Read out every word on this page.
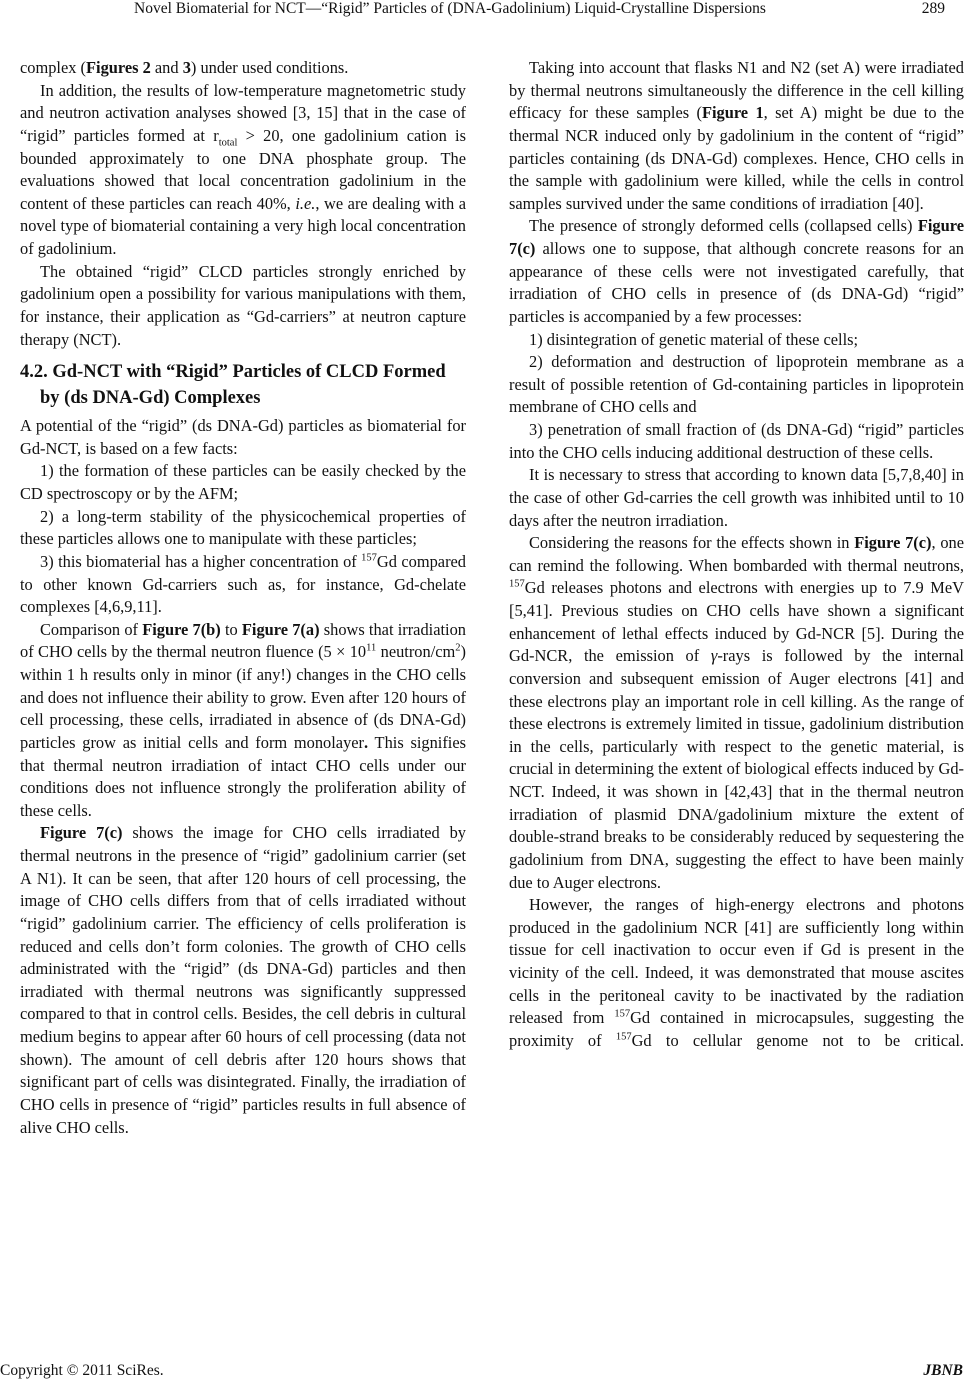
Novel Biomaterial for NCT—“Rigid” Particles of (DNA-Gadolinium) Liquid-Crystalline Dispersions	289

complex (Figures 2 and 3) under used conditions.

In addition, the results of low-temperature magnetometric study and neutron activation analyses showed [3, 15] that in the case of “rigid” particles formed at $r_{total} > 20$, one gadolinium cation is bounded approximately to one DNA phosphate group. The evaluations showed that local concentration gadolinium in the content of these particles can reach 40%, i.e., we are dealing with a novel type of biomaterial containing a very high local concentration of gadolinium.

The obtained “rigid” CLCD particles strongly enriched by gadolinium open a possibility for various manipulations with them, for instance, their application as “Gd-carriers” at neutron capture therapy (NCT).

4.2. Gd-NCT with “Rigid” Particles of CLCD Formed by (ds DNA-Gd) Complexes

A potential of the “rigid” (ds DNA-Gd) particles as biomaterial for Gd-NCT, is based on a few facts:

1) the formation of these particles can be easily checked by the CD spectroscopy or by the AFM;

2) a long-term stability of the physicochemical properties of these particles allows one to manipulate with these particles;

3) this biomaterial has a higher concentration of $^{157}$Gd compared to other known Gd-carriers such as, for instance, Gd-chelate complexes [4,6,9,11].

Comparison of Figure 7(b) to Figure 7(a) shows that irradiation of CHO cells by the thermal neutron fluence ($5 \times 10^{11}$ neutron/$cm^2$) within 1 h results only in minor (if any!) changes in the CHO cells and does not influence their ability to grow. Even after 120 hours of cell processing, these cells, irradiated in absence of (ds DNA-Gd) particles grow as initial cells and form monolayer. This signifies that thermal neutron irradiation of intact CHO cells under our conditions does not influence strongly the proliferation ability of these cells.

Figure 7(c) shows the image for CHO cells irradiated by thermal neutrons in the presence of “rigid” gadolinium carrier (set A N1). It can be seen, that after 120 hours of cell processing, the image of CHO cells differs from that of cells irradiated without “rigid” gadolinium carrier. The efficiency of cells proliferation is reduced and cells don’t form colonies. The growth of CHO cells administrated with the “rigid” (ds DNA-Gd) particles and then irradiated with thermal neutrons was significantly suppressed compared to that in control cells. Besides, the cell debris in cultural medium begins to appear after 60 hours of cell processing (data not shown). The amount of cell debris after 120 hours shows that significant part of cells was disintegrated. Finally, the irradiation of CHO cells in presence of “rigid” particles results in full absence of alive CHO cells.

Taking into account that flasks N1 and N2 (set A) were irradiated by thermal neutrons simultaneously the difference in the cell killing efficacy for these samples (Figure 1, set A) might be due to the thermal NCR induced only by gadolinium in the content of “rigid” particles containing (ds DNA-Gd) complexes. Hence, CHO cells in the sample with gadolinium were killed, while the cells in control samples survived under the same conditions of irradiation [40].

The presence of strongly deformed cells (collapsed cells) Figure 7(c) allows one to suppose, that although concrete reasons for an appearance of these cells were not investigated carefully, that irradiation of CHO cells in presence of (ds DNA-Gd) “rigid” particles is accompanied by a few processes:

1) disintegration of genetic material of these cells;

2) deformation and destruction of lipoprotein membrane as a result of possible retention of Gd-containing particles in lipoprotein membrane of CHO cells and

3) penetration of small fraction of (ds DNA-Gd) “rigid” particles into the CHO cells inducing additional destruction of these cells.

It is necessary to stress that according to known data [5,7,8,40] in the case of other Gd-carries the cell growth was inhibited until to 10 days after the neutron irradiation.

Considering the reasons for the effects shown in Figure 7(c), one can remind the following. When bombarded with thermal neutrons, $^{157}$Gd releases photons and electrons with energies up to 7.9 MeV [5,41]. Previous studies on CHO cells have shown a significant enhancement of lethal effects induced by Gd-NCR [5]. During the Gd-NCR, the emission of γ-rays is followed by the internal conversion and subsequent emission of Auger electrons [41] and these electrons play an important role in cell killing. As the range of these electrons is extremely limited in tissue, gadolinium distribution in the cells, particularly with respect to the genetic material, is crucial in determining the extent of biological effects induced by Gd-NCT. Indeed, it was shown in [42,43] that in the thermal neutron irradiation of plasmid DNA/gadolinium mixture the extent of double-strand breaks to be considerably reduced by sequestering the gadolinium from DNA, suggesting the effect to have been mainly due to Auger electrons.

However, the ranges of high-energy electrons and photons produced in the gadolinium NCR [41] are sufficiently long within tissue for cell inactivation to occur even if Gd is present in the vicinity of the cell. Indeed, it was demonstrated that mouse ascites cells in the peritoneal cavity to be inactivated by the radiation released from $^{157}$Gd contained in microcapsules, suggesting the proximity of $^{157}$Gd to cellular genome not to be critical.

Copyright © 2011 SciRes.	JBNB
